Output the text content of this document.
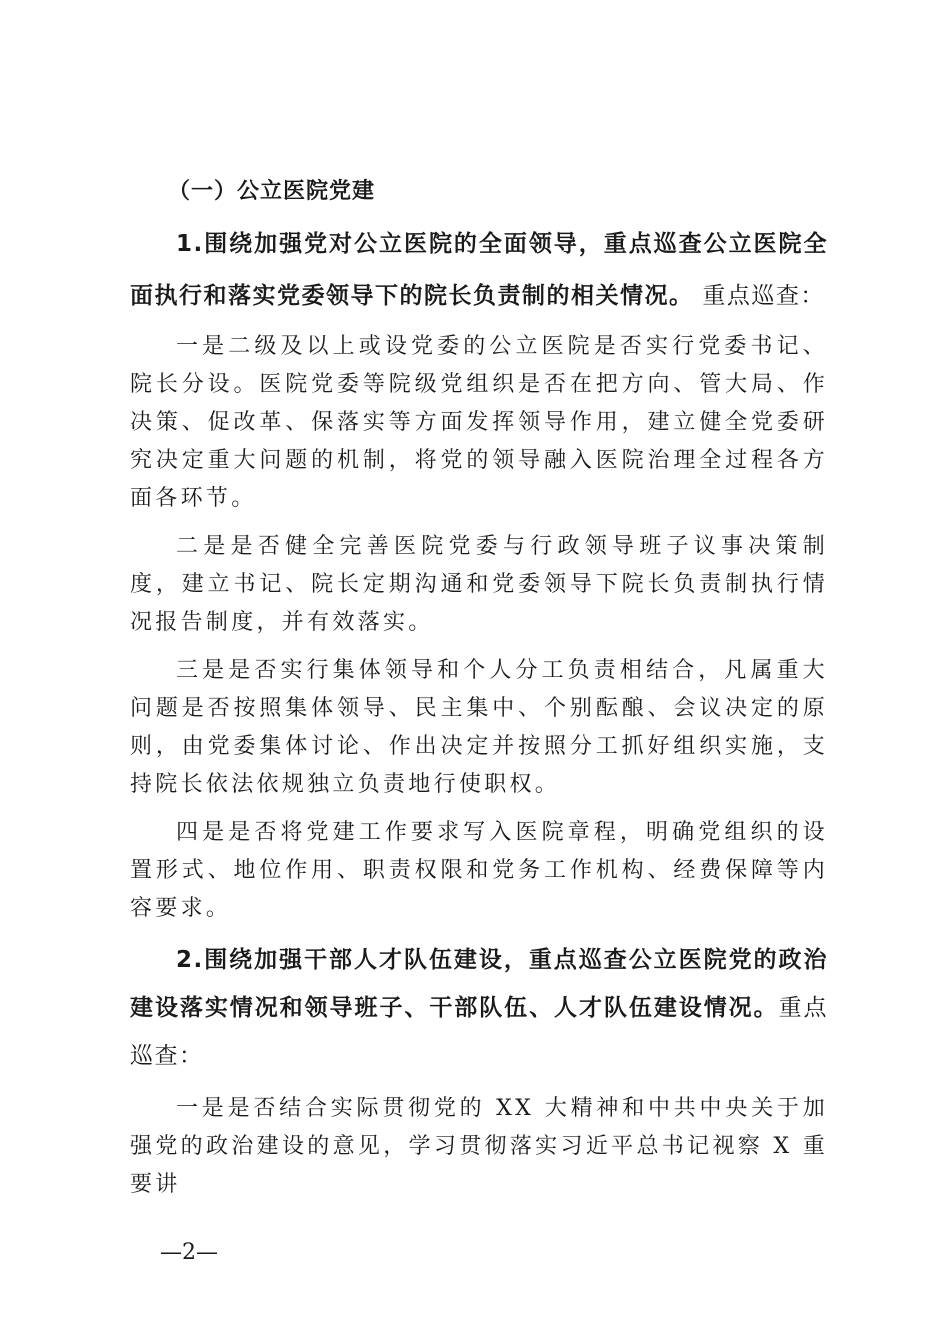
（一）公立医院党建

1.围绕加强党对公立医院的全面领导，重点巡查公立医院全面执行和落实党委领导下的院长负责制的相关情况。 重点巡查：

一是二级及以上或设党委的公立医院是否实行党委书记、院长分设。医院党委等院级党组织是否在把方向、管大局、作决策、促改革、保落实等方面发挥领导作用，建立健全党委研究决定重大问题的机制，将党的领导融入医院治理全过程各方面各环节。

二是是否健全完善医院党委与行政领导班子议事决策制度，建立书记、院长定期沟通和党委领导下院长负责制执行情况报告制度，并有效落实。

三是是否实行集体领导和个人分工负责相结合，凡属重大问题是否按照集体领导、民主集中、个别酝酿、会议决定的原则，由党委集体讨论、作出决定并按照分工抓好组织实施，支持院长依法依规独立负责地行使职权。

四是是否将党建工作要求写入医院章程，明确党组织的设置形式、地位作用、职责权限和党务工作机构、经费保障等内容要求。

2.围绕加强干部人才队伍建设，重点巡查公立医院党的政治建设落实情况和领导班子、干部队伍、人才队伍建设情况。重点巡查：

一是是否结合实际贯彻党的 XX 大精神和中共中央关于加强党的政治建设的意见，学习贯彻落实习近平总书记视察 X 重要讲

—2—
